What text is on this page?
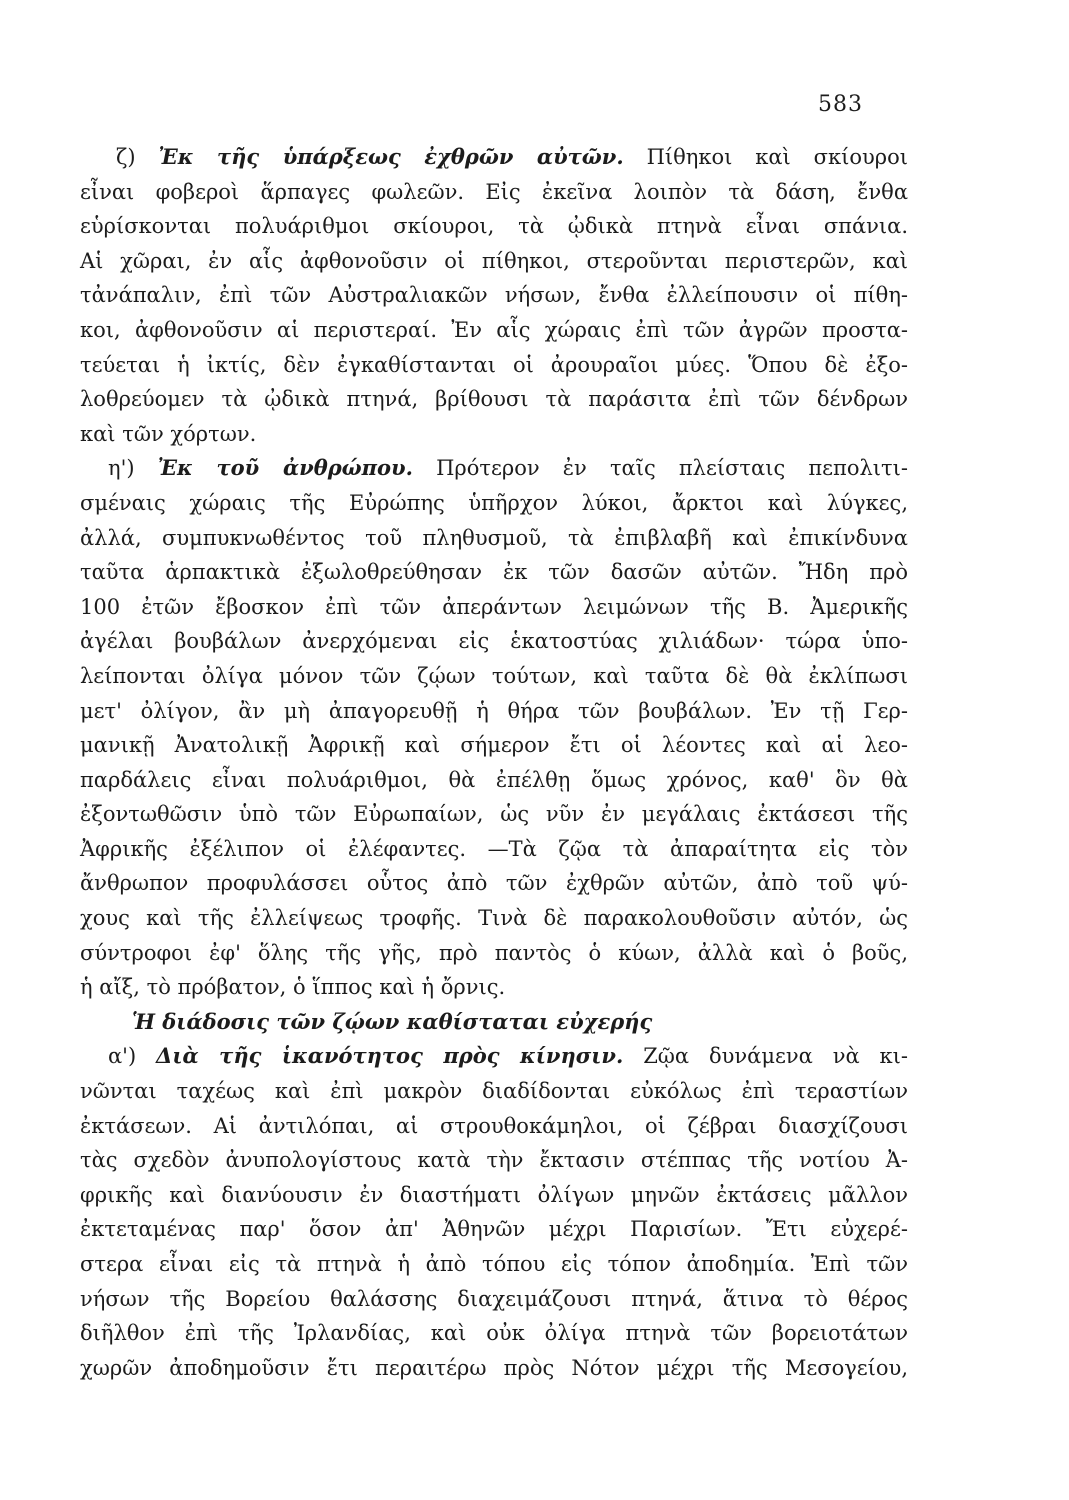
583
ζ) Ἐκ τῆς ὑπάρξεως ἐχθρῶν αὐτῶν. Πίθηκοι καὶ σκίουροι
εἶναι φοβεροὶ ἅρπαγες φωλεῶν. Εἰς ἐκεῖνα λοιπὸν τὰ δάση, ἔνθα
εὑρίσκονται πολυάριθμοι σκίουροι, τὰ ᾠδικὰ πτηνὰ εἶναι σπάνια.
Αἱ χῶραι, ἐν αἷς ἀφθονοῦσιν οἱ πίθηκοι, στεροῦνται περιστερῶν, καὶ
τἀνάπαλιν, ἐπὶ τῶν Αὐστραλιακῶν νήσων, ἔνθα ἐλλείπουσιν οἱ πίθη-
κοι, ἀφθονοῦσιν αἱ περιστεραί. Ἐν αἷς χώραις ἐπὶ τῶν ἀγρῶν προστα-
τεύεται ἡ ἰκτίς, δὲν ἐγκαθίστανται οἱ ἀρουραῖοι μύες. Ὅπου δὲ ἐξο-
λοθρεύομεν τὰ ᾠδικὰ πτηνά, βρίθουσι τὰ παράσιτα ἐπὶ τῶν δένδρων
καὶ τῶν χόρτων.
η') Ἐκ τοῦ ἀνθρώπου. Πρότερον ἐν ταῖς πλείσταις πεπολιτι-
σμέναις χώραις τῆς Εὐρώπης ὑπῆρχον λύκοι, ἄρκτοι καὶ λύγκες,
ἀλλά, συμπυκνωθέντος τοῦ πληθυσμοῦ, τὰ ἐπιβλαβῆ καὶ ἐπικίνδυνα
ταῦτα ἁρπακτικὰ ἐξωλοθρεύθησαν ἐκ τῶν δασῶν αὐτῶν. Ἤδη πρὸ
100 ἐτῶν ἔβοσκον ἐπὶ τῶν ἀπεράντων λειμώνων τῆς Β. Ἀμερικῆς
ἀγέλαι βουβάλων ἀνερχόμεναι εἰς ἑκατοστύας χιλιάδων· τώρα ὑπο-
λείπονται ὀλίγα μόνον τῶν ζῴων τούτων, καὶ ταῦτα δὲ θὰ ἐκλίπωσι
μετ' ὀλίγον, ἂν μὴ ἀπαγορευθῇ ἡ θήρα τῶν βουβάλων. Ἐν τῇ Γερ-
μανικῇ Ἀνατολικῇ Ἀφρικῇ καὶ σήμερον ἔτι οἱ λέοντες καὶ αἱ λεο-
παρδάλεις εἶναι πολυάριθμοι, θὰ ἐπέλθῃ ὅμως χρόνος, καθ' ὃν θὰ
ἐξοντωθῶσιν ὑπὸ τῶν Εὐρωπαίων, ὡς νῦν ἐν μεγάλαις ἐκτάσεσι τῆς
Ἀφρικῆς ἐξέλιπον οἱ ἐλέφαντες. —Τὰ ζῷα τὰ ἀπαραίτητα εἰς τὸν
ἄνθρωπον προφυλάσσει οὗτος ἀπὸ τῶν ἐχθρῶν αὐτῶν, ἀπὸ τοῦ ψύ-
χους καὶ τῆς ἐλλείψεως τροφῆς. Τινὰ δὲ παρακολουθοῦσιν αὐτόν, ὡς
σύντροφοι ἐφ' ὅλης τῆς γῆς, πρὸ παντὸς ὁ κύων, ἀλλὰ καὶ ὁ βοῦς,
ἡ αἴξ, τὸ πρόβατον, ὁ ἵππος καὶ ἡ ὄρνις.
Ἡ διάδοσις τῶν ζῴων καθίσταται εὐχερής
α') Διὰ τῆς ἱκανότητος πρὸς κίνησιν. Ζῷα δυνάμενα νὰ κι-
νῶνται ταχέως καὶ ἐπὶ μακρὸν διαδίδονται εὐκόλως ἐπὶ τεραστίων
ἐκτάσεων. Αἱ ἀντιλόπαι, αἱ στρουθοκάμηλοι, οἱ ζέβραι διασχίζουσι
τὰς σχεδὸν ἀνυπολογίστους κατὰ τὴν ἔκτασιν στέππας τῆς νοτίου Ἀ-
φρικῆς καὶ διανύουσιν ἐν διαστήματι ὀλίγων μηνῶν ἐκτάσεις μᾶλλον
ἐκτεταμένας παρ' ὅσον ἀπ' Ἀθηνῶν μέχρι Παρισίων. Ἔτι εὐχερέ-
στερα εἶναι εἰς τὰ πτηνὰ ἡ ἀπὸ τόπου εἰς τόπον ἀποδημία. Ἐπὶ τῶν
νήσων τῆς Βορείου θαλάσσης διαχειμάζουσι πτηνά, ἅτινα τὸ θέρος
διῆλθον ἐπὶ τῆς Ἰρλανδίας, καὶ οὐκ ὀλίγα πτηνὰ τῶν βορειοτάτων
χωρῶν ἀποδημοῦσιν ἔτι περαιτέρω πρὸς Νότον μέχρι τῆς Μεσογείου,
